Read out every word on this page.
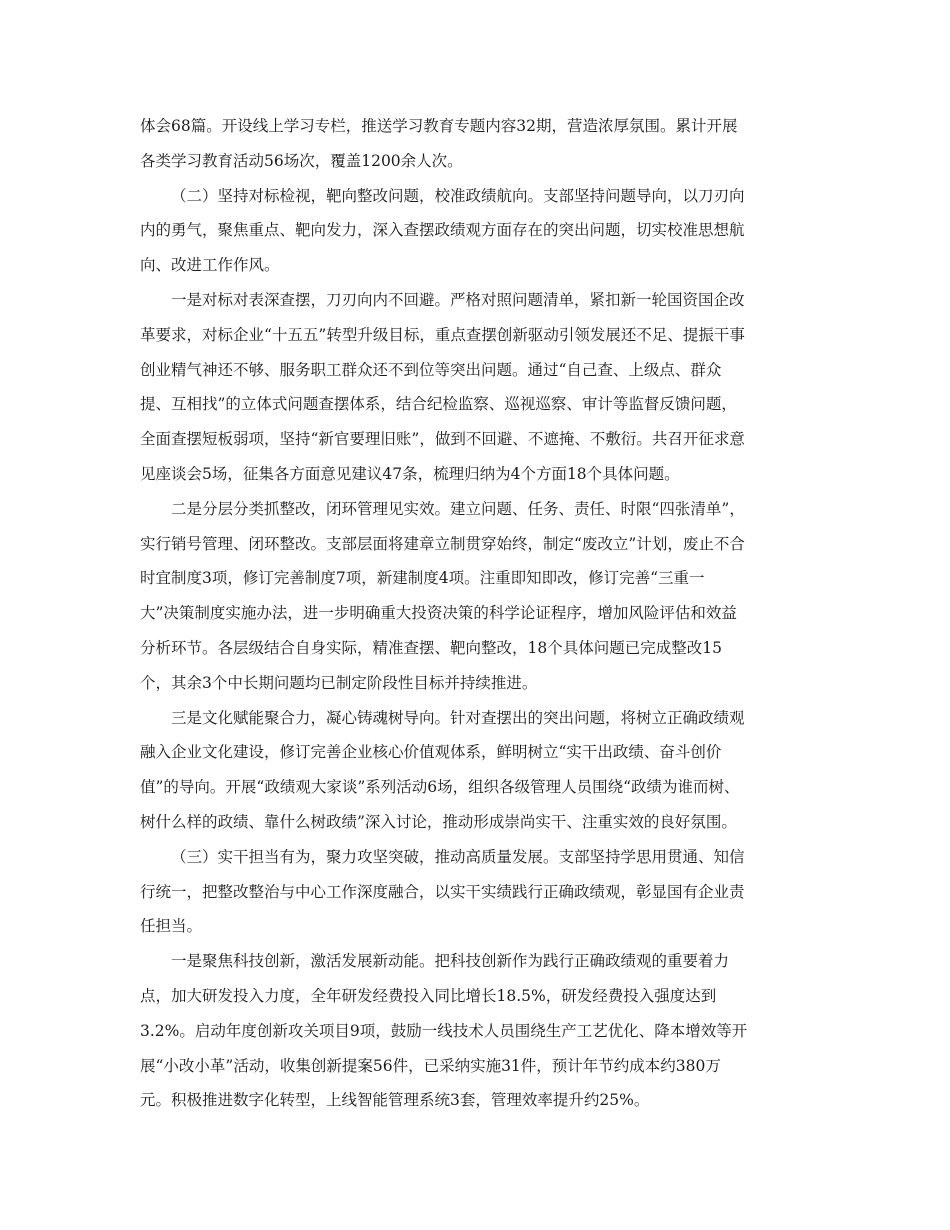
体会68篇。开设线上学习专栏，推送学习教育专题内容32期，营造浓厚氛围。累计开展
各类学习教育活动56场次，覆盖1200余人次。
（二）坚持对标检视，靶向整改问题，校准政绩航向。支部坚持问题导向，以刀刃向
内的勇气，聚焦重点、靶向发力，深入查摆政绩观方面存在的突出问题，切实校准思想航
向、改进工作作风。
一是对标对表深查摆，刀刃向内不回避。严格对照问题清单，紧扣新一轮国资国企改
革要求，对标企业“十五五”转型升级目标，重点查摆创新驱动引领发展还不足、提振干事
创业精气神还不够、服务职工群众还不到位等突出问题。通过“自己查、上级点、群众
提、互相找”的立体式问题查摆体系，结合纪检监察、巡视巡察、审计等监督反馈问题，
全面查摆短板弱项，坚持“新官要理旧账”，做到不回避、不遮掩、不敷衍。共召开征求意
见座谈会5场，征集各方面意见建议47条，梳理归纳为4个方面18个具体问题。
二是分层分类抓整改，闭环管理见实效。建立问题、任务、责任、时限“四张清单”，
实行销号管理、闭环整改。支部层面将建章立制贯穿始终，制定“废改立”计划，废止不合
时宜制度3项，修订完善制度7项，新建制度4项。注重即知即改，修订完善“三重一
大”决策制度实施办法，进一步明确重大投资决策的科学论证程序，增加风险评估和效益
分析环节。各层级结合自身实际，精准查摆、靶向整改，18个具体问题已完成整改15
个，其余3个中长期问题均已制定阶段性目标并持续推进。
三是文化赋能聚合力，凝心铸魂树导向。针对查摆出的突出问题，将树立正确政绩观
融入企业文化建设，修订完善企业核心价值观体系，鲜明树立“实干出政绩、奋斗创价
值”的导向。开展“政绩观大家谈”系列活动6场，组织各级管理人员围绕“政绩为谁而树、
树什么样的政绩、靠什么树政绩”深入讨论，推动形成崇尚实干、注重实效的良好氛围。
（三）实干担当有为，聚力攻坚突破，推动高质量发展。支部坚持学思用贯通、知信
行统一，把整改整治与中心工作深度融合，以实干实绩践行正确政绩观，彰显国有企业责
任担当。
一是聚焦科技创新，激活发展新动能。把科技创新作为践行正确政绩观的重要着力
点，加大研发投入力度，全年研发经费投入同比增长18.5%，研发经费投入强度达到
3.2%。启动年度创新攻关项目9项，鼓励一线技术人员围绕生产工艺优化、降本增效等开
展“小改小革”活动，收集创新提案56件，已采纳实施31件，预计年节约成本约380万
元。积极推进数字化转型，上线智能管理系统3套，管理效率提升约25%。
